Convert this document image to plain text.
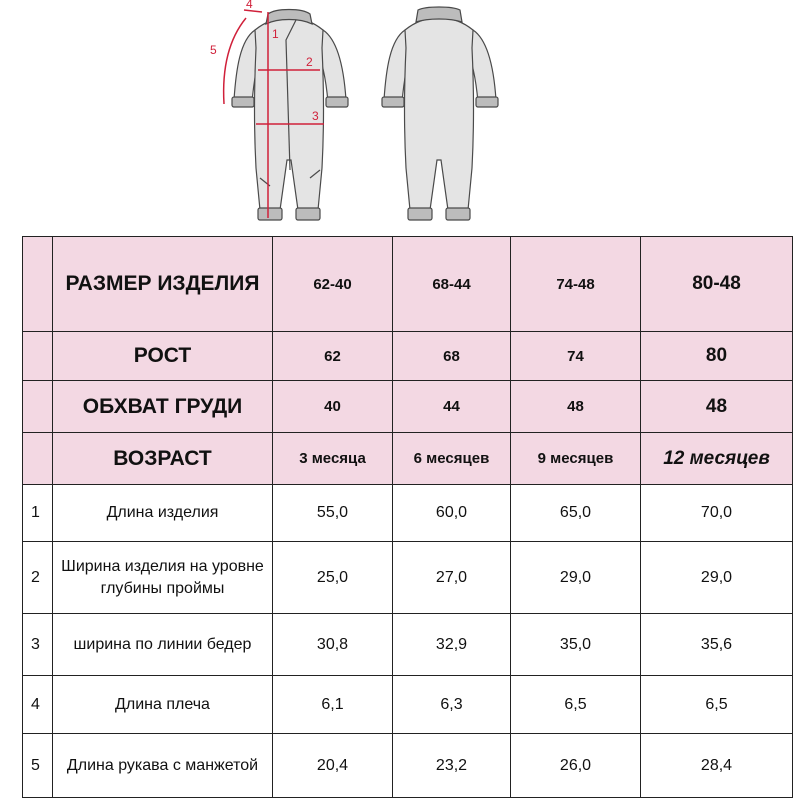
1
2
3
4
5
	РАЗМЕР ИЗДЕЛИЯ	62-40	68-44	74-48	80-48
	РОСТ	62	68	74	80
	ОБХВАТ ГРУДИ	40	44	48	48
	ВОЗРАСТ	3 месяца	6 месяцев	9 месяцев	12 месяцев
1	Длина изделия	55,0	60,0	65,0	70,0
2	Ширина изделия на уровне глубины проймы	25,0	27,0	29,0	29,0
3	ширина по линии бедер	30,8	32,9	35,0	35,6
4	Длина плеча	6,1	6,3	6,5	6,5
5	Длина рукава с манжетой	20,4	23,2	26,0	28,4
